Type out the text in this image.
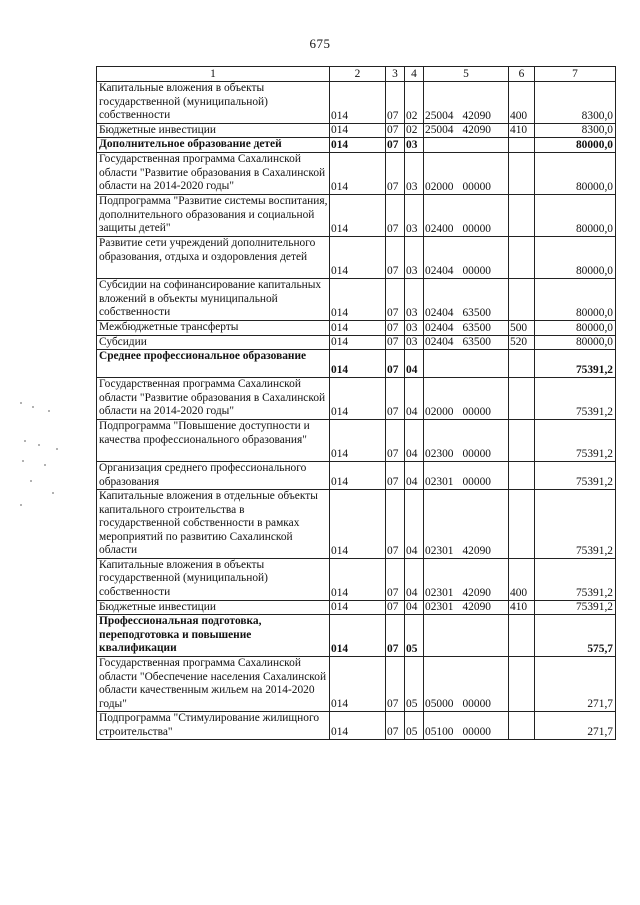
675
1	2	3	4	5	6	7
Капитальные вложения в объекты государственной (муниципальной) собственности	014	07	02	25004 42090	400	8300,0
Бюджетные инвестиции	014	07	02	25004 42090	410	8300,0
Дополнительное образование детей	014	07	03			80000,0
Государственная программа Сахалинской области "Развитие образования в Сахалинской области на 2014-2020 годы"	014	07	03	02000 00000		80000,0
Подпрограмма "Развитие системы воспитания, дополнительного образования и социальной защиты детей"	014	07	03	02400 00000		80000,0
Развитие сети учреждений дополнительного образования, отдыха и оздоровления детей	014	07	03	02404 00000		80000,0
Субсидии на софинансирование капитальных вложений в объекты муниципальной собственности	014	07	03	02404 63500		80000,0
Межбюджетные трансферты	014	07	03	02404 63500	500	80000,0
Субсидии	014	07	03	02404 63500	520	80000,0
Среднее профессиональное образование	014	07	04			75391,2
Государственная программа Сахалинской области "Развитие образования в Сахалинской области на 2014-2020 годы"	014	07	04	02000 00000		75391,2
Подпрограмма "Повышение доступности и качества профессионального образования"	014	07	04	02300 00000		75391,2
Организация среднего профессионального образования	014	07	04	02301 00000		75391,2
Капитальные вложения в отдельные объекты капитального строительства в государственной собственности в рамках мероприятий по развитию Сахалинской области	014	07	04	02301 42090		75391,2
Капитальные вложения в объекты государственной (муниципальной) собственности	014	07	04	02301 42090	400	75391,2
Бюджетные инвестиции	014	07	04	02301 42090	410	75391,2
Профессиональная подготовка, переподготовка и повышение квалификации	014	07	05			575,7
Государственная программа Сахалинской области "Обеспечение населения Сахалинской области качественным жильем на 2014-2020 годы"	014	07	05	05000 00000		271,7
Подпрограмма "Стимулирование жилищного строительства"	014	07	05	05100 00000		271,7
